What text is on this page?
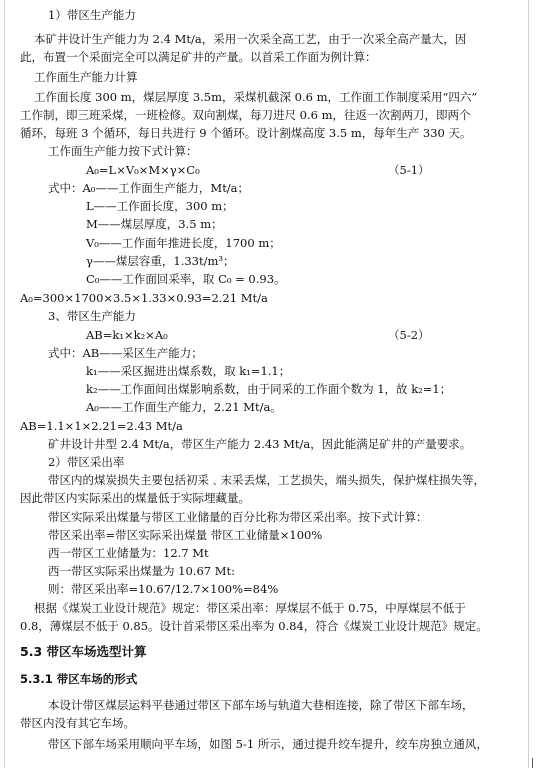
1）带区生产能力
本矿井设计生产能力为 2.4 Mt/a，采用一次采全高工艺，由于一次采全高产量大，因
此，布置一个采面完全可以满足矿井的产量。以首采工作面为例计算：
工作面生产能力计算
工作面长度 300 m，煤层厚度 3.5m，采煤机截深 0.6 m，工作面工作制度采用“四六”
工作制，即三班采煤，一班检修。双向割煤，每刀进尺 0.6 m，往返一次割两刀，即两个
循环，每班 3 个循环，每日共进行 9 个循环。设计割煤高度 3.5 m，每年生产 330 天。
工作面生产能力按下式计算：
A₀=L×V₀×M×γ×C₀	（5-1）
式中：A₀——工作面生产能力，Mt/a；
L——工作面长度，300 m；
M——煤层厚度，3.5 m；
V₀——工作面年推进长度，1700 m；
γ——煤层容重，1.33t/m³；
C₀——工作面回采率，取 C₀ = 0.93。
A₀=300×1700×3.5×1.33×0.93=2.21 Mt/a
3、带区生产能力
AB=k₁×k₂×A₀	（5-2）
式中：AB——采区生产能力；
k₁——采区掘进出煤系数，取 k₁=1.1；
k₂——工作面间出煤影响系数，由于同采的工作面个数为 1，故 k₂=1；
A₀——工作面生产能力，2.21 Mt/a。
AB=1.1×1×2.21=2.43 Mt/a
矿井设计井型 2.4 Mt/a，带区生产能力 2.43 Mt/a，因此能满足矿井的产量要求。
2）带区采出率
带区内的煤炭损失主要包括初采﹑末采丢煤，工艺损失，端头损失，保护煤柱损失等，
因此带区内实际采出的煤量低于实际埋藏量。
带区实际采出煤量与带区工业储量的百分比称为带区采出率。按下式计算：
带区采出率=带区实际采出煤量 带区工业储量×100%
西一带区工业储量为：12.7 Mt
西一带区实际采出煤量为 10.67 Mt:
则：带区采出率=10.67/12.7×100%=84%
根据《煤炭工业设计规范》规定：带区采出率：厚煤层不低于 0.75，中厚煤层不低于
0.8，薄煤层不低于 0.85。设计首采带区采出率为 0.84，符合《煤炭工业设计规范》规定。
5.3 带区车场选型计算
5.3.1 带区车场的形式
本设计带区煤层运料平巷通过带区下部车场与轨道大巷相连接，除了带区下部车场，
带区内没有其它车场。
带区下部车场采用顺向平车场，如图 5-1 所示，通过提升绞车提升，绞车房独立通风，
